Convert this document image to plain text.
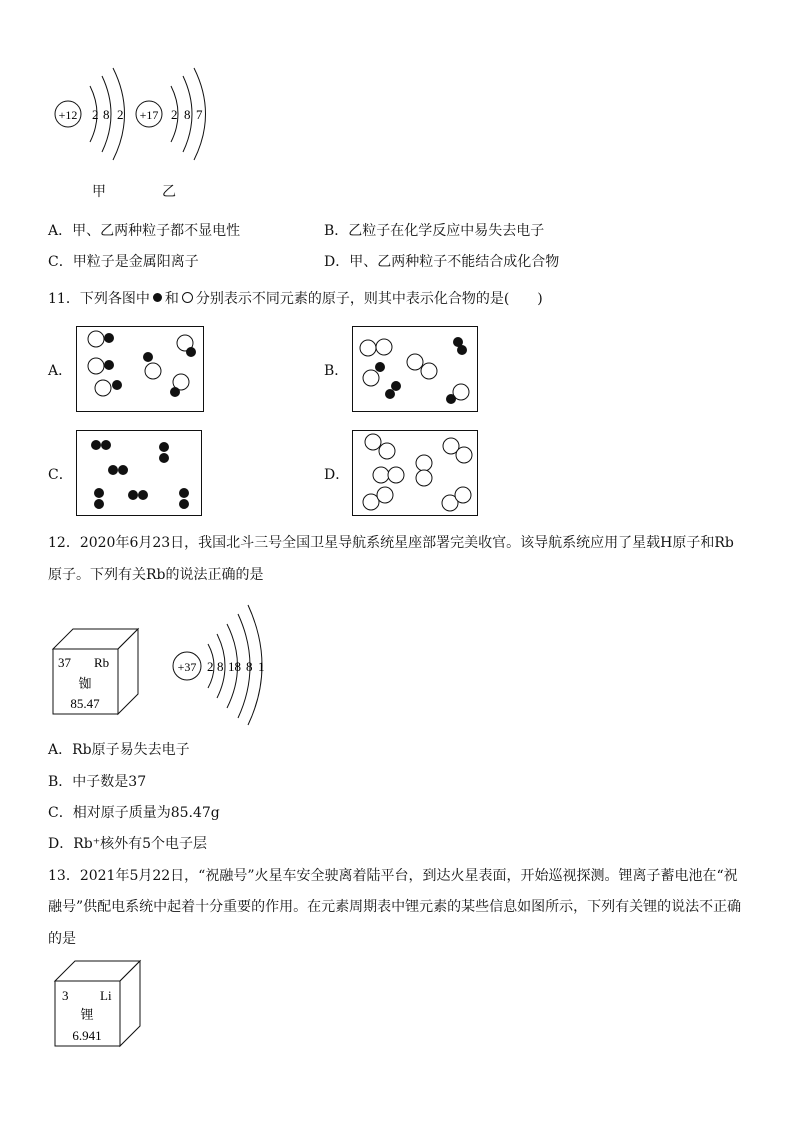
+12 2 8 2 +17 2 8 7
甲	乙
A．甲、乙两种粒子都不显电性	B．乙粒子在化学反应中易失去电子
C．甲粒子是金属阳离子	D．甲、乙两种粒子不能结合成化合物
11．下列各图中 和 分别表示不同元素的原子，则其中表示化合物的是(　　)
A．	B．
C．	D．
12．2020年6月23日，我国北斗三号全国卫星导航系统星座部署完美收官。该导航系统应用了星载H原子和Rb
原子。下列有关Rb的说法正确的是
37 Rb
铷
85.47
+37 2 8 18 8 1
A．Rb原子易失去电子
B．中子数是37
C．相对原子质量为85.47g
D．Rb⁺核外有5个电子层
13．2021年5月22日，“祝融号”火星车安全驶离着陆平台，到达火星表面，开始巡视探测。锂离子蓄电池在“祝
融号”供配电系统中起着十分重要的作用。在元素周期表中锂元素的某些信息如图所示，下列有关锂的说法不正确
的是
3 Li
锂
6.941
